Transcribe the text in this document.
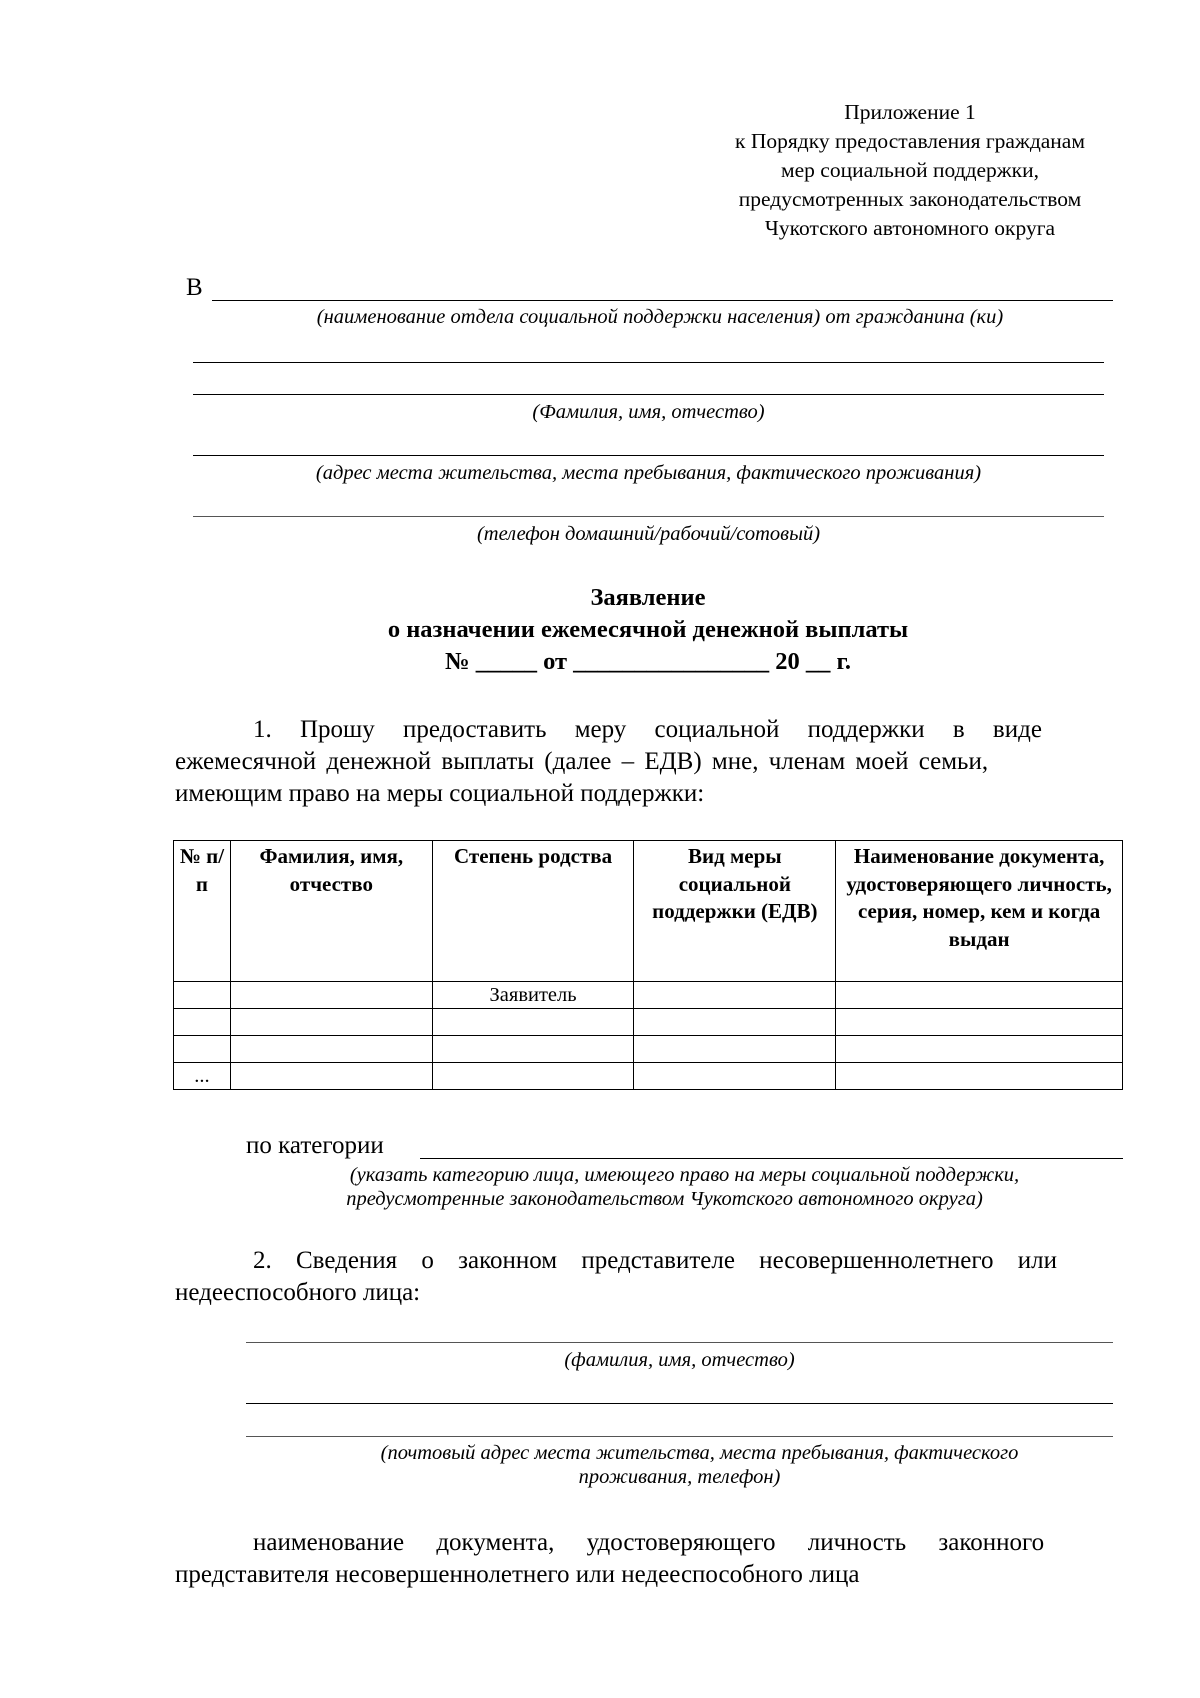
Приложение 1
к Порядку предоставления гражданам
мер социальной поддержки,
предусмотренных законодательством
Чукотского автономного округа
В
(наименование отдела социальной поддержки населения) от гражданина (ки)
(Фамилия, имя, отчество)
(адрес места жительства, места пребывания, фактического проживания)
(телефон домашний/рабочий/сотовый)
Заявление
о назначении ежемесячной денежной выплаты
№ _____ от ________________ 20 __ г.
1. Прошу предоставить меру социальной поддержки в виде
ежемесячной денежной выплаты (далее – ЕДВ) мне, членам моей семьи,
имеющим право на меры социальной поддержки:
№ п/п	Фамилия, имя, отчество	Степень родства	Вид меры социальной поддержки (ЕДВ)	Наименование документа, удостоверяющего личность, серия, номер, кем и когда выдан
		Заявитель		

...				
по категории
(указать категорию лица, имеющего право на меры социальной поддержки,
предусмотренные законодательством Чукотского автономного округа)
2. Сведения о законном представителе несовершеннолетнего или
недееспособного лица:
(фамилия, имя, отчество)
(почтовый адрес места жительства, места пребывания, фактического
проживания, телефон)
наименование документа, удостоверяющего личность законного
представителя несовершеннолетнего или недееспособного лица
